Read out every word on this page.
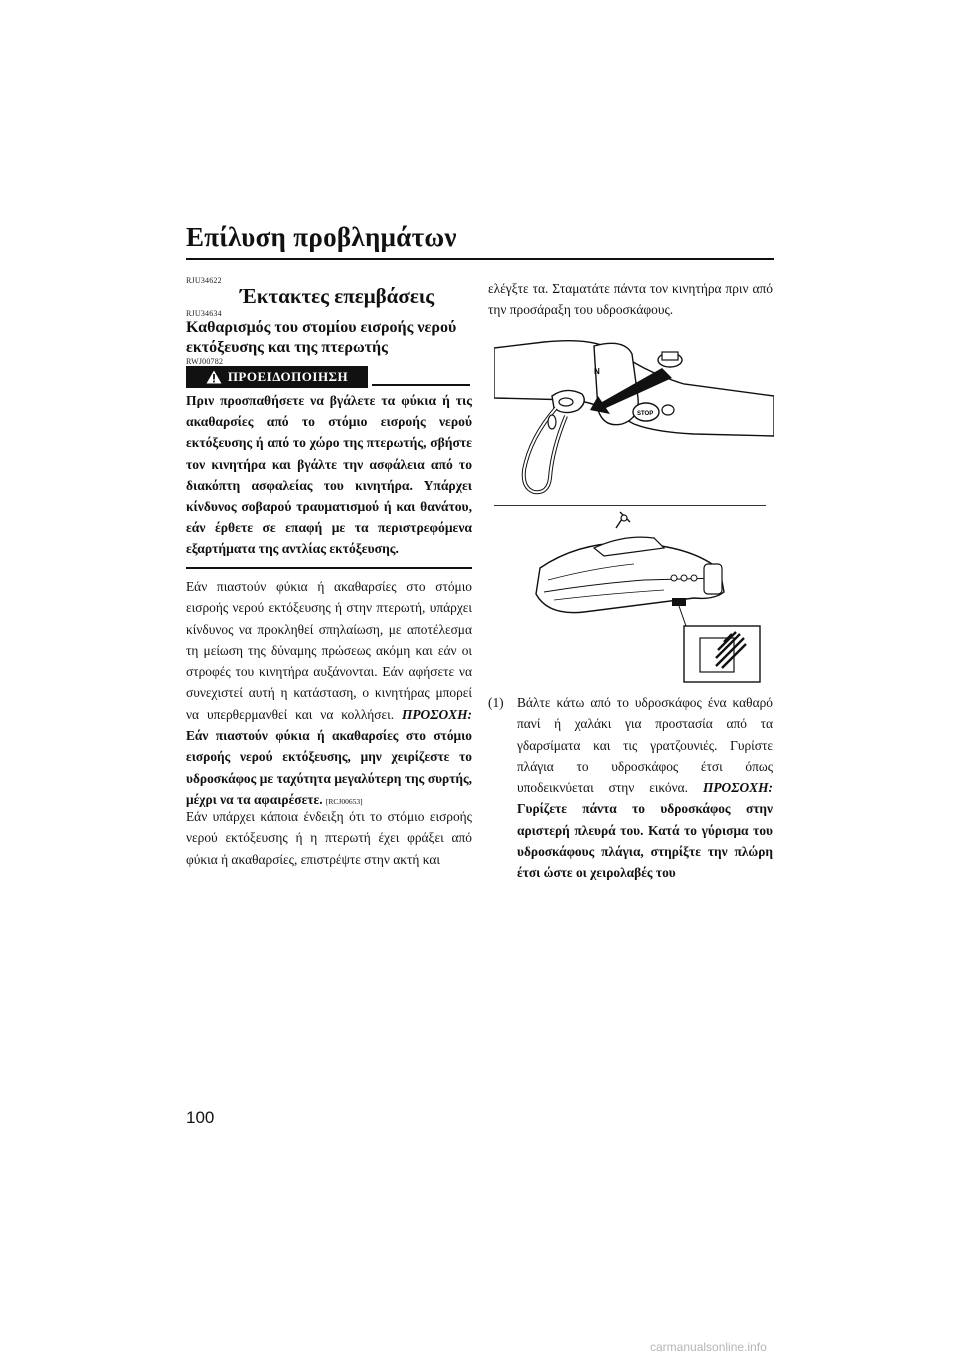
Επίλυση προβλημάτων
RJU34622
Έκτακτες επεμβάσεις
RJU34634
Καθαρισμός του στομίου εισροής νερού εκτόξευσης και της πτερωτής
RWJ00782
ΠΡΟΕΙΔΟΠΟΙΗΣΗ
Πριν προσπαθήσετε να βγάλετε τα φύκια ή τις ακαθαρσίες από το στόμιο εισροής νερού εκτόξευσης ή από το χώρο της πτερωτής, σβήστε τον κινητήρα και βγάλτε την ασφάλεια από το διακόπτη ασφαλείας του κινητήρα. Υπάρχει κίνδυνος σοβαρού τραυματισμού ή και θανάτου, εάν έρθετε σε επαφή με τα περιστρεφόμενα εξαρτήματα της αντλίας εκτόξευσης.
Εάν πιαστούν φύκια ή ακαθαρσίες στο στόμιο εισροής νερού εκτόξευσης ή στην πτερωτή, υπάρχει κίνδυνος να προκληθεί σπηλαίωση, με αποτέλεσμα τη μείωση της δύναμης πρώσεως ακόμη και εάν οι στροφές του κινητήρα αυξάνονται. Εάν αφήσετε να συνεχιστεί αυτή η κατάσταση, ο κινητήρας μπορεί να υπερθερμανθεί και να κολλήσει. ΠΡΟΣΟΧΗ: Εάν πιαστούν φύκια ή ακαθαρσίες στο στόμιο εισροής νερού εκτόξευσης, μην χειρίζεστε το υδροσκάφος με ταχύτητα μεγαλύτερη της συρτής, μέχρι να τα αφαιρέσετε. [RCJ00653]
Εάν υπάρχει κάποια ένδειξη ότι το στόμιο εισροής νερού εκτόξευσης ή η πτερωτή έχει φράξει από φύκια ή ακαθαρσίες, επιστρέψτε στην ακτή και
ελέγξτε τα. Σταματάτε πάντα τον κινητήρα πριν από την προσάραξη του υδροσκάφους.
STOP
N
(1) Βάλτε κάτω από το υδροσκάφος ένα καθαρό πανί ή χαλάκι για προστασία από τα γδαρσίματα και τις γρατζουνιές. Γυρίστε πλάγια το υδροσκάφος έτσι όπως υποδεικνύεται στην εικόνα. ΠΡΟΣΟΧΗ: Γυρίζετε πάντα το υδροσκάφος στην αριστερή πλευρά του. Κατά το γύρισμα του υδροσκάφους πλάγια, στηρίξτε την πλώρη έτσι ώστε οι χειρολαβές του
100
carmanualsonline.info
